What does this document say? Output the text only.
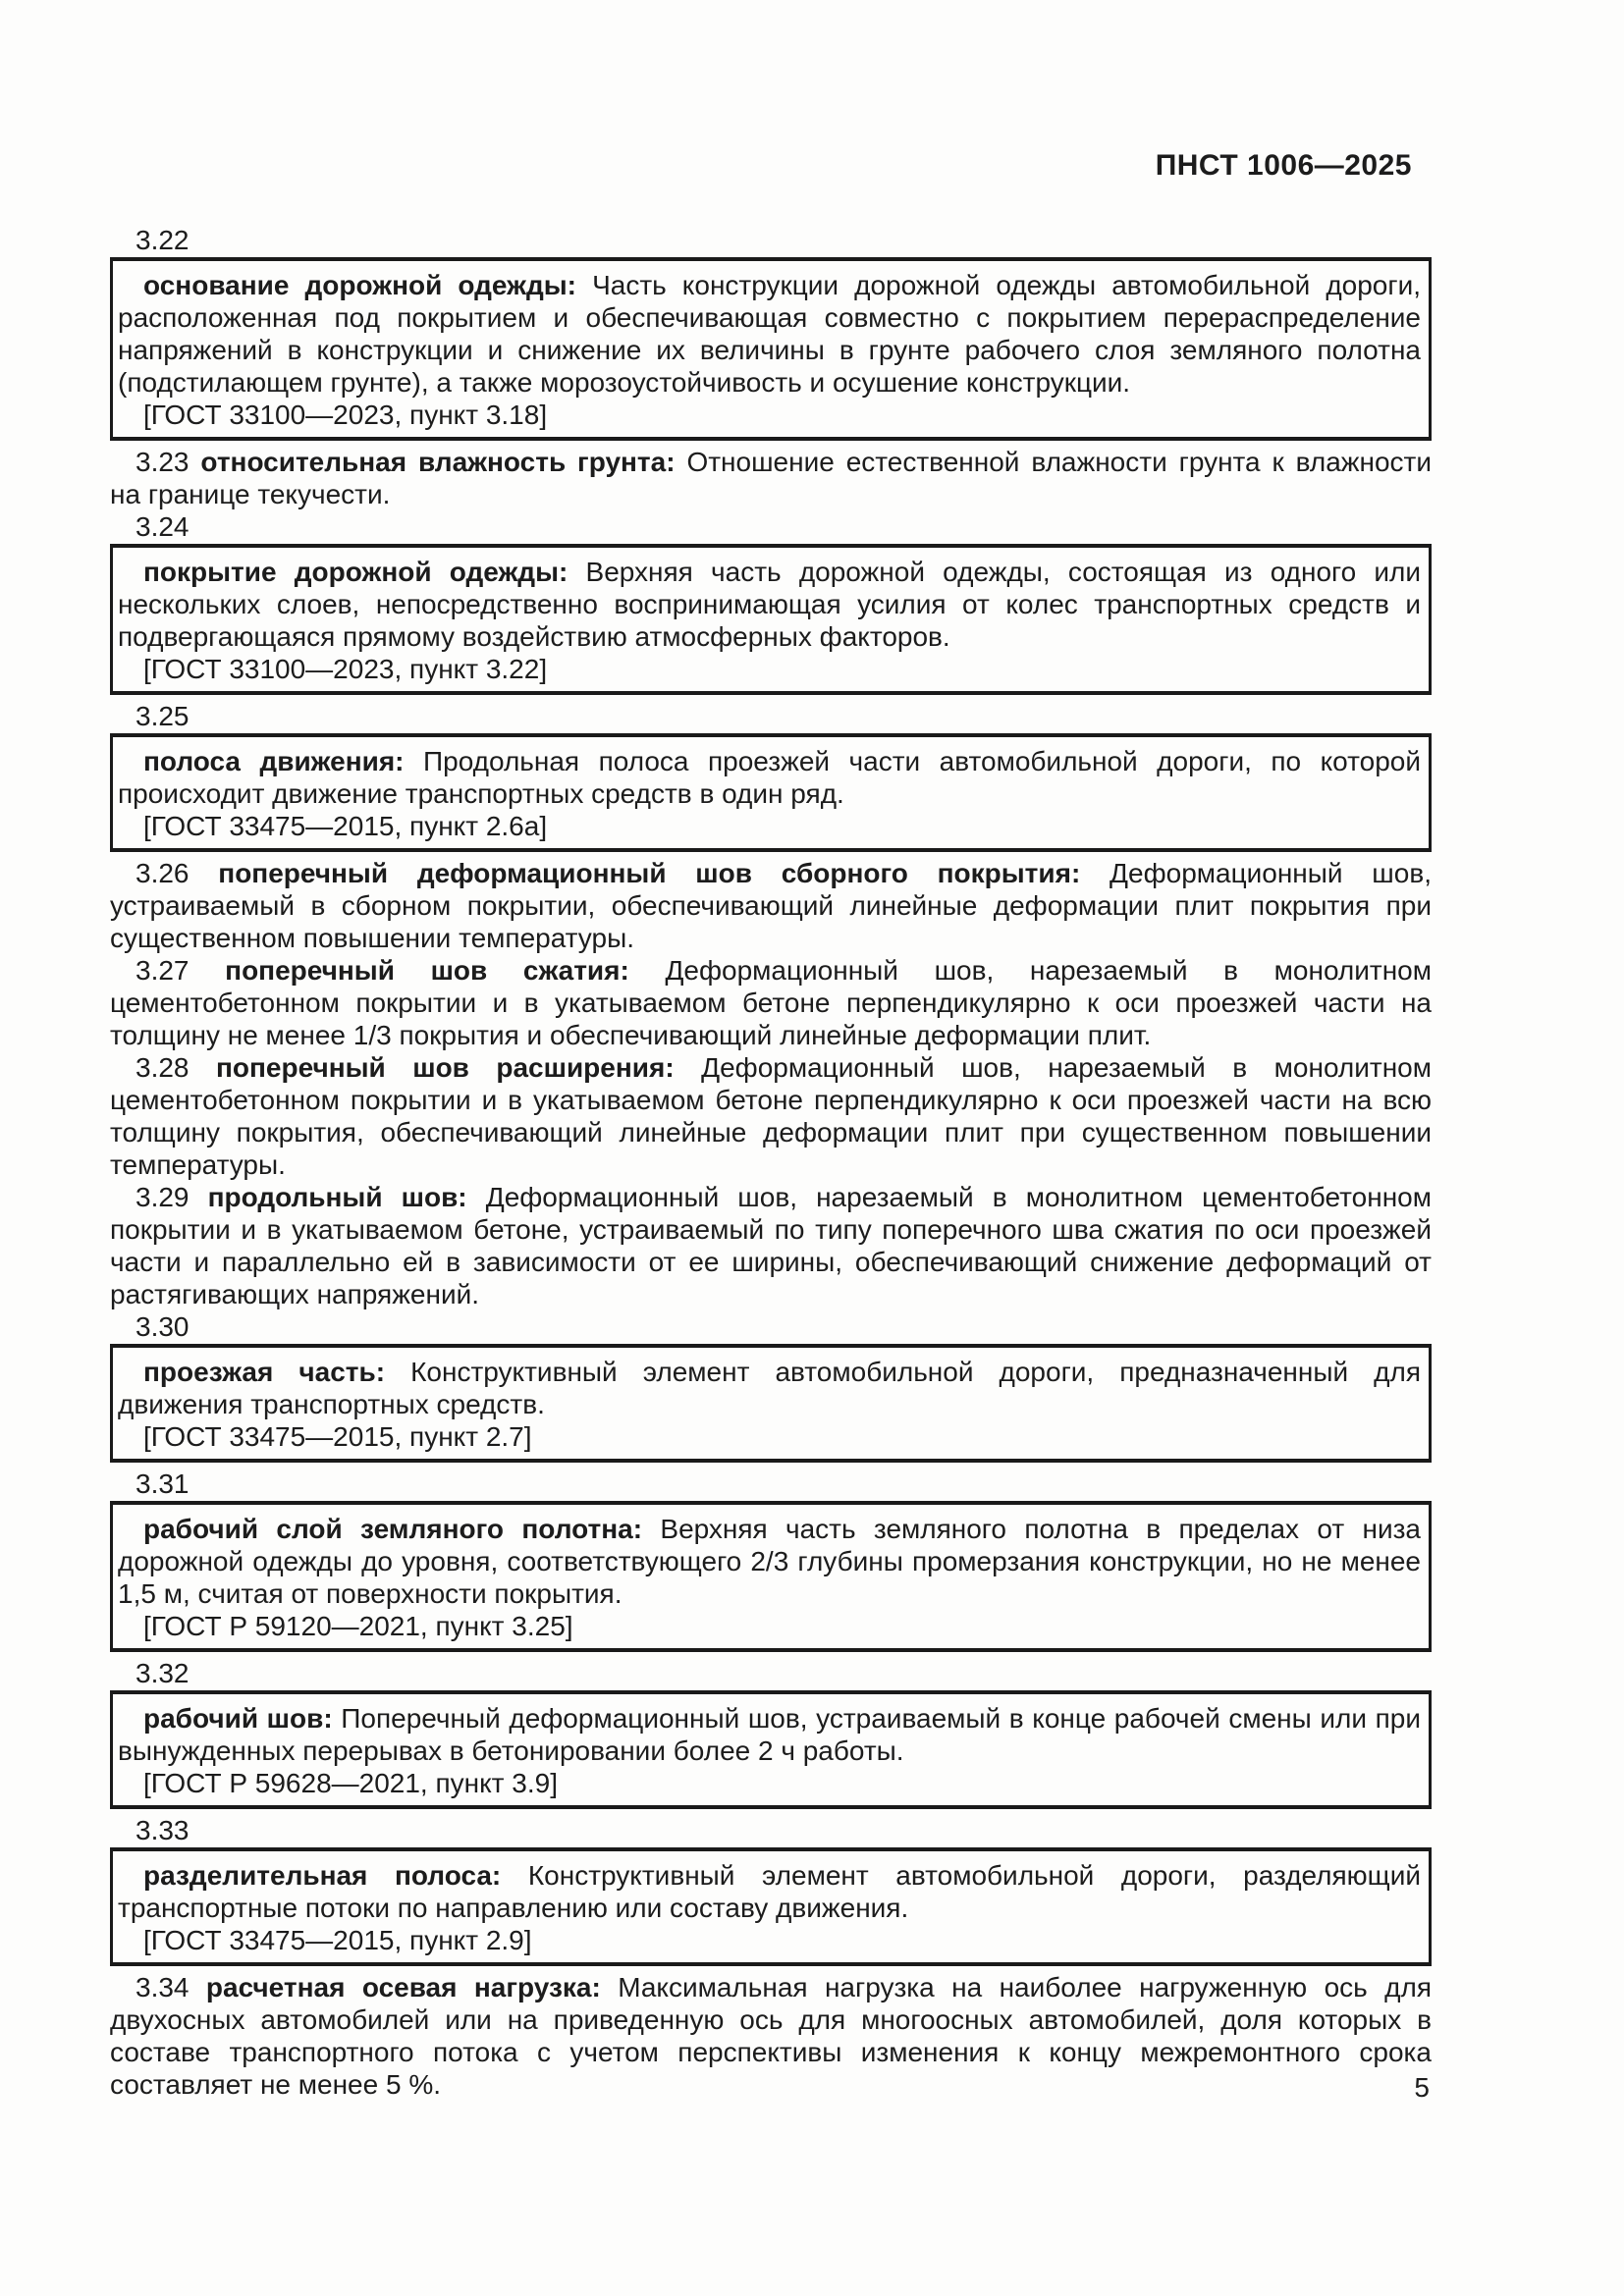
ПНСТ 1006—2025

3.22

основание дорожной одежды: Часть конструкции дорожной одежды автомобильной дороги, расположенная под покрытием и обеспечивающая совместно с покрытием перераспределение напряжений в конструкции и снижение их величины в грунте рабочего слоя земляного полотна (подстилающем грунте), а также морозоустойчивость и осушение конструкции.

[ГОСТ 33100—2023, пункт 3.18]

3.23 относительная влажность грунта: Отношение естественной влажности грунта к влажности на границе текучести.

3.24

покрытие дорожной одежды: Верхняя часть дорожной одежды, состоящая из одного или нескольких слоев, непосредственно воспринимающая усилия от колес транспортных средств и подвергающаяся прямому воздействию атмосферных факторов.

[ГОСТ 33100—2023, пункт 3.22]

3.25

полоса движения: Продольная полоса проезжей части автомобильной дороги, по которой происходит движение транспортных средств в один ряд.

[ГОСТ 33475—2015, пункт 2.6а]

3.26 поперечный деформационный шов сборного покрытия: Деформационный шов, устраиваемый в сборном покрытии, обеспечивающий линейные деформации плит покрытия при существенном повышении температуры.

3.27 поперечный шов сжатия: Деформационный шов, нарезаемый в монолитном цементобетонном покрытии и в укатываемом бетоне перпендикулярно к оси проезжей части на толщину не менее 1/3 покрытия и обеспечивающий линейные деформации плит.

3.28 поперечный шов расширения: Деформационный шов, нарезаемый в монолитном цементобетонном покрытии и в укатываемом бетоне перпендикулярно к оси проезжей части на всю толщину покрытия, обеспечивающий линейные деформации плит при существенном повышении температуры.

3.29 продольный шов: Деформационный шов, нарезаемый в монолитном цементобетонном покрытии и в укатываемом бетоне, устраиваемый по типу поперечного шва сжатия по оси проезжей части и параллельно ей в зависимости от ее ширины, обеспечивающий снижение деформаций от растягивающих напряжений.

3.30

проезжая часть: Конструктивный элемент автомобильной дороги, предназначенный для движения транспортных средств.

[ГОСТ 33475—2015, пункт 2.7]

3.31

рабочий слой земляного полотна: Верхняя часть земляного полотна в пределах от низа дорожной одежды до уровня, соответствующего 2/3 глубины промерзания конструкции, но не менее 1,5 м, считая от поверхности покрытия.

[ГОСТ Р 59120—2021, пункт 3.25]

3.32

рабочий шов: Поперечный деформационный шов, устраиваемый в конце рабочей смены или при вынужденных перерывах в бетонировании более 2 ч работы.

[ГОСТ Р 59628—2021, пункт 3.9]

3.33

разделительная полоса: Конструктивный элемент автомобильной дороги, разделяющий транспортные потоки по направлению или составу движения.

[ГОСТ 33475—2015, пункт 2.9]

3.34 расчетная осевая нагрузка: Максимальная нагрузка на наиболее нагруженную ось для двухосных автомобилей или на приведенную ось для многоосных автомобилей, доля которых в составе транспортного потока с учетом перспективы изменения к концу межремонтного срока составляет не менее 5 %.	5
